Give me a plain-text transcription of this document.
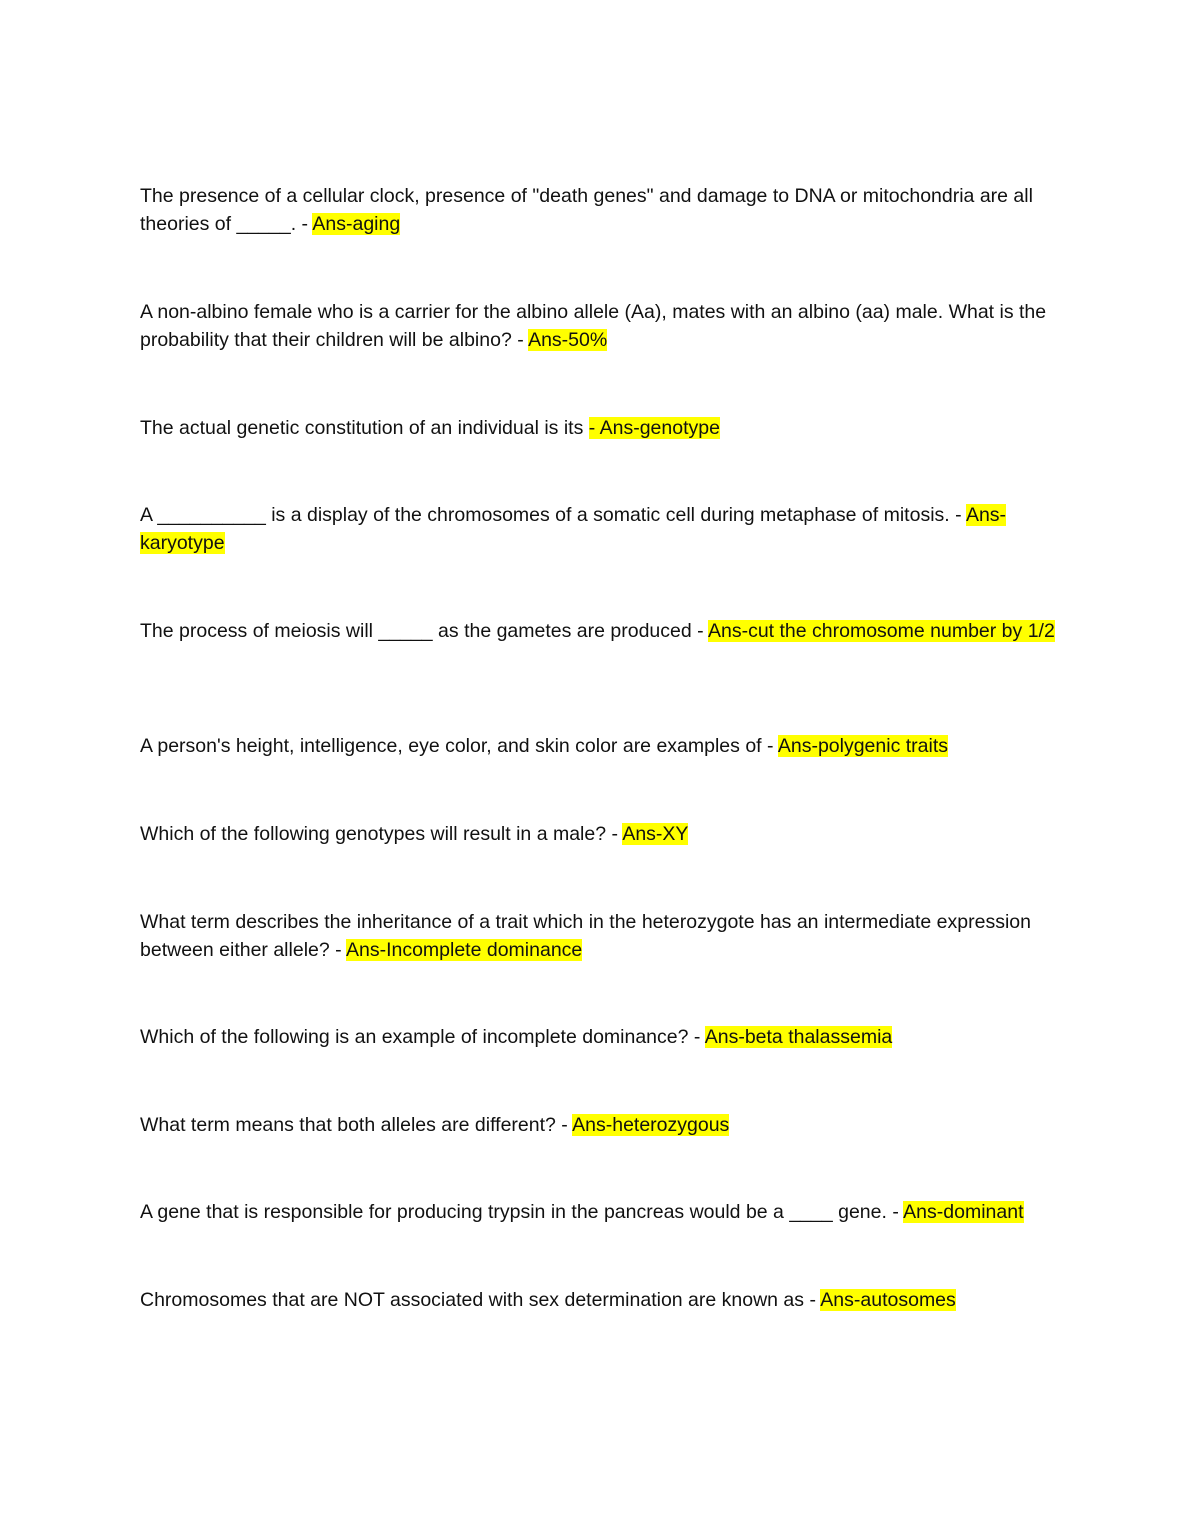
The presence of a cellular clock, presence of "death genes" and damage to DNA or mitochondria are all theories of _____. - Ans-aging

A non-albino female who is a carrier for the albino allele (Aa), mates with an albino (aa) male. What is the probability that their children will be albino? - Ans-50%

The actual genetic constitution of an individual is its - Ans-genotype

A __________ is a display of the chromosomes of a somatic cell during metaphase of mitosis. - Ans-karyotype

The process of meiosis will _____ as the gametes are produced - Ans-cut the chromosome number by 1/2

A person's height, intelligence, eye color, and skin color are examples of - Ans-polygenic traits

Which of the following genotypes will result in a male? - Ans-XY

What term describes the inheritance of a trait which in the heterozygote has an intermediate expression between either allele? - Ans-Incomplete dominance

Which of the following is an example of incomplete dominance? - Ans-beta thalassemia

What term means that both alleles are different? - Ans-heterozygous

A gene that is responsible for producing trypsin in the pancreas would be a ____ gene. - Ans-dominant

Chromosomes that are NOT associated with sex determination are known as - Ans-autosomes
